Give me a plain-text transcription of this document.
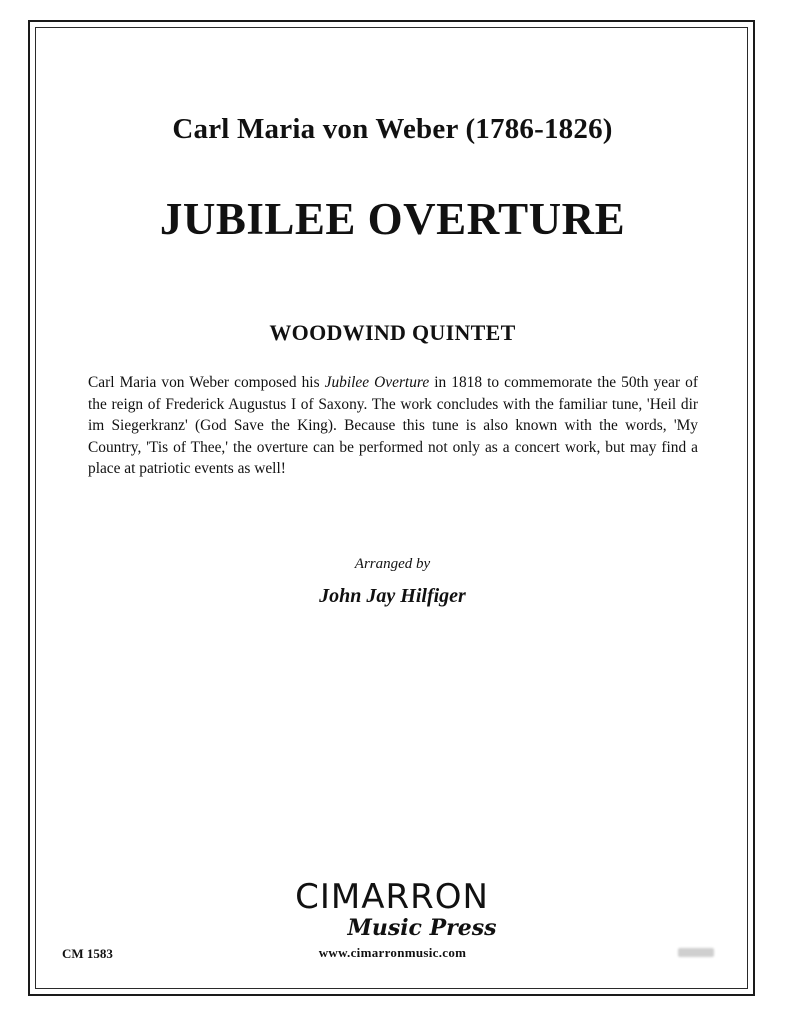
Carl Maria von Weber (1786-1826)
JUBILEE OVERTURE
WOODWIND QUINTET

Carl Maria von Weber composed his Jubilee Overture in 1818 to commemorate the 50th year of the reign of Frederick Augustus I of Saxony. The work concludes with the familiar tune, 'Heil dir im Siegerkranz' (God Save the King). Because this tune is also known with the words, 'My Country, 'Tis of Thee,' the overture can be performed not only as a concert work, but may find a place at patriotic events as well!

Arranged by
John Jay Hilfiger
CIMARRON
Music Press
www.cimarronmusic.com
CM 1583
